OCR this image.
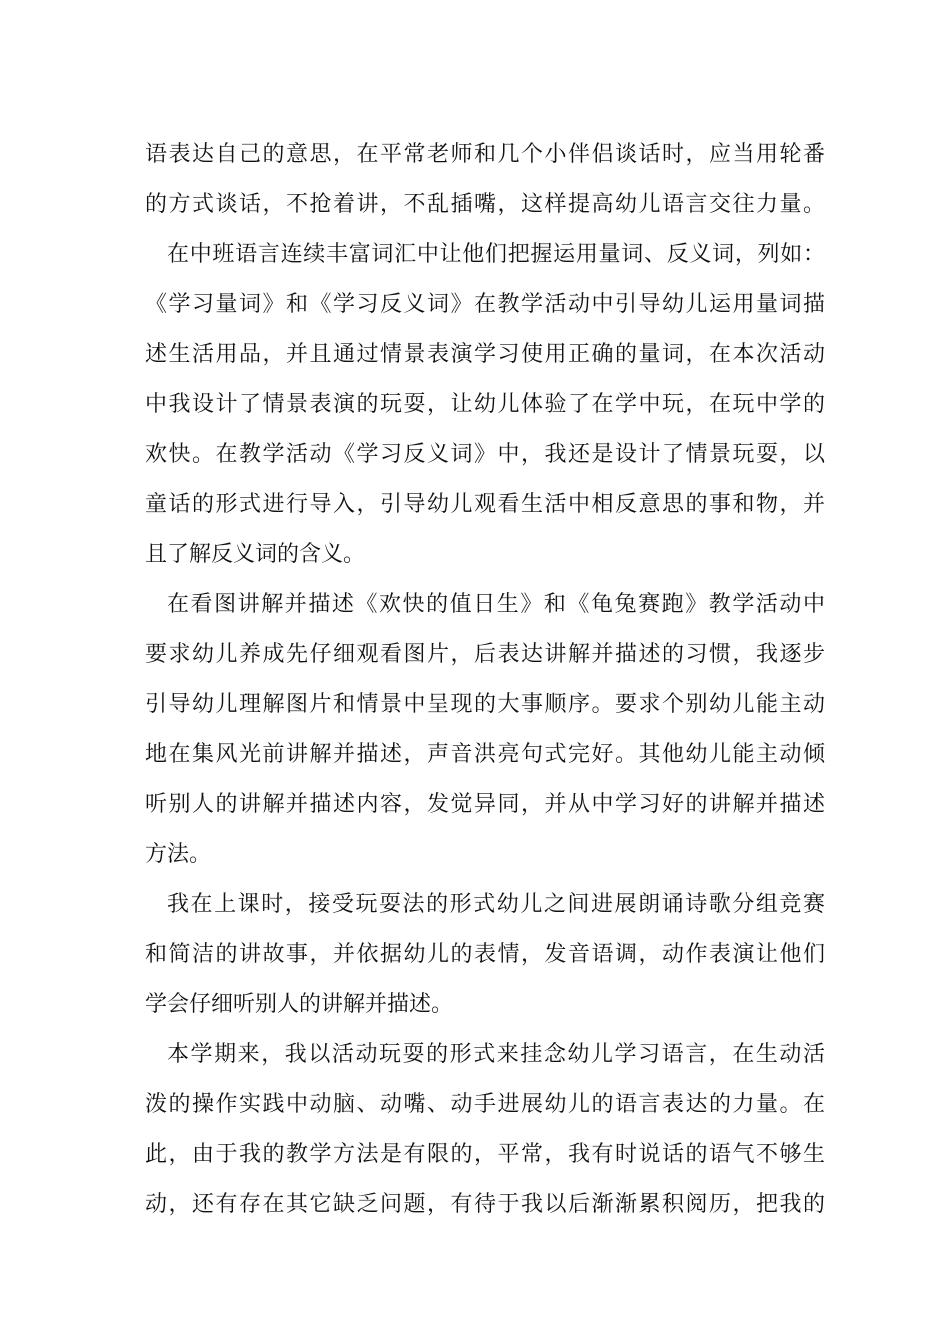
语表达自己的意思，在平常老师和几个小伴侣谈话时，应当用轮番
的方式谈话，不抢着讲，不乱插嘴，这样提高幼儿语言交往力量。
在中班语言连续丰富词汇中让他们把握运用量词、反义词，列如：
《学习量词》和《学习反义词》在教学活动中引导幼儿运用量词描
述生活用品，并且通过情景表演学习使用正确的量词，在本次活动
中我设计了情景表演的玩耍，让幼儿体验了在学中玩，在玩中学的
欢快。在教学活动《学习反义词》中，我还是设计了情景玩耍，以
童话的形式进行导入，引导幼儿观看生活中相反意思的事和物，并
且了解反义词的含义。
在看图讲解并描述《欢快的值日生》和《龟兔赛跑》教学活动中
要求幼儿养成先仔细观看图片，后表达讲解并描述的习惯，我逐步
引导幼儿理解图片和情景中呈现的大事顺序。要求个别幼儿能主动
地在集风光前讲解并描述，声音洪亮句式完好。其他幼儿能主动倾
听别人的讲解并描述内容，发觉异同，并从中学习好的讲解并描述
方法。
我在上课时，接受玩耍法的形式幼儿之间进展朗诵诗歌分组竞赛
和简洁的讲故事，并依据幼儿的表情，发音语调，动作表演让他们
学会仔细听别人的讲解并描述。
本学期来，我以活动玩耍的形式来挂念幼儿学习语言，在生动活
泼的操作实践中动脑、动嘴、动手进展幼儿的语言表达的力量。在
此，由于我的教学方法是有限的，平常，我有时说话的语气不够生
动，还有存在其它缺乏问题，有待于我以后渐渐累积阅历，把我的
